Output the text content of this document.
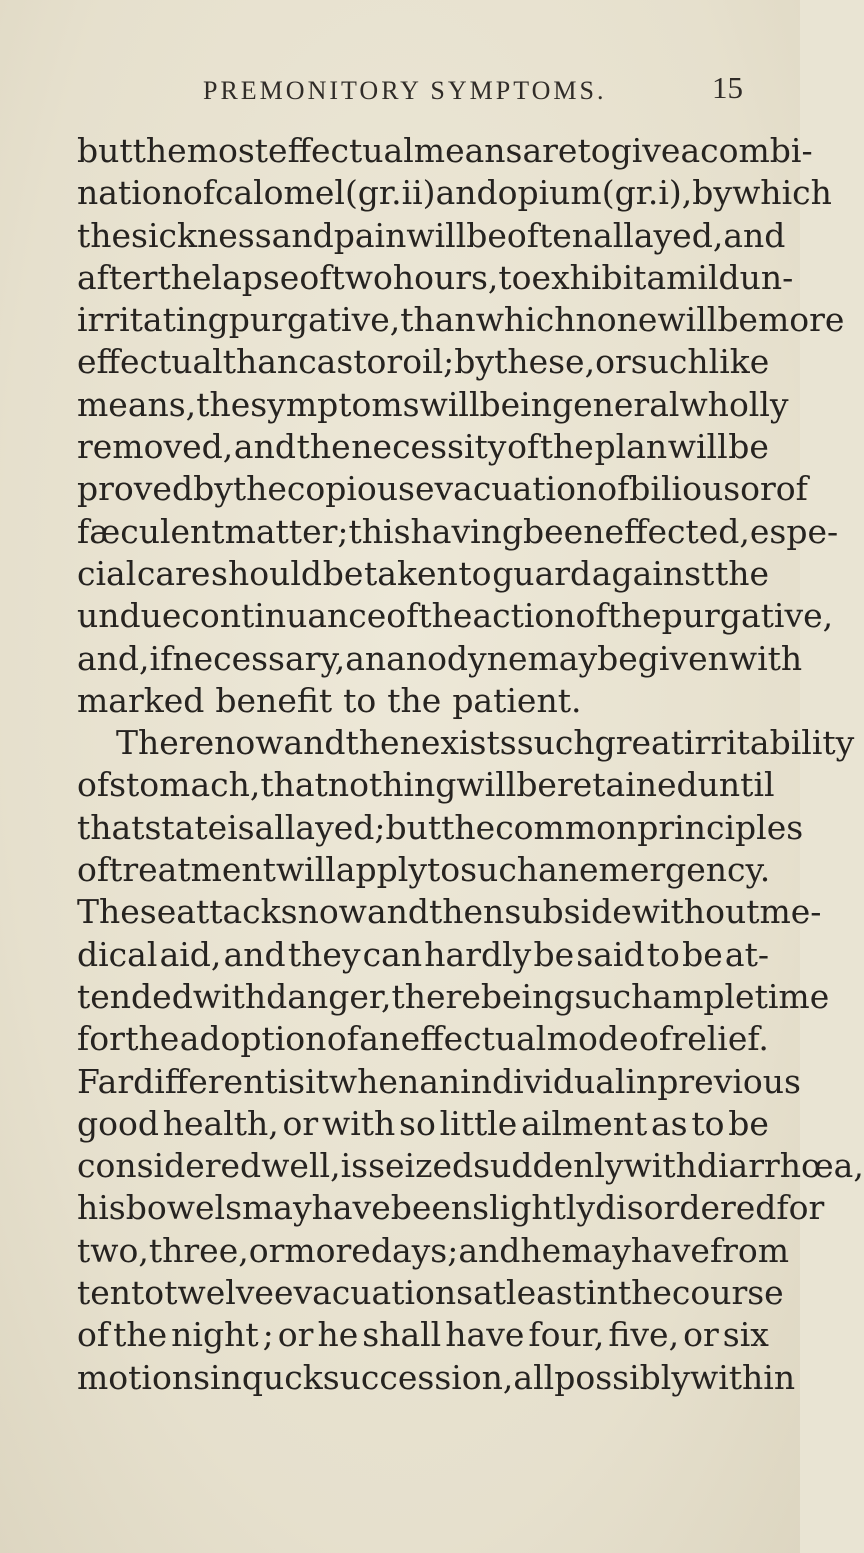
PREMONITORY SYMPTOMS.	15
but the most effectual means are to give a combi-
nation of calomel (gr. ii) and opium (gr. i), by which
the sickness and pain will be often allayed, and
after the lapse of two hours, to exhibit a mild un-
irritating purgative, than which none will be more
effectual than castor oil ; by these, or such like
means, the symptoms will be in general wholly
removed, and the necessity of the plan will be
proved by the copious evacuation of bilious or of
fæculent matter ; this having been effected, espe-
cial care should be taken to guard against the
undue continuance of the action of the purgative,
and, if necessary, an anodyne may be given with
marked benefit to the patient.
There now and then exists such great irritability
of stomach, that nothing will be retained until
that state is allayed ; but the common principles
of treatment will apply to such an emergency.
These attacks now and then subside without me-
dical aid, and they can hardly be said to be at-
tended with danger, there being such ample time
for the adoption of an effectual mode of relief.
Far different is it when an individual in previous
good health, or with so little ailment as to be
considered well, is seized suddenly with diarrhœa,
his bowels may have been slightly disordered for
two, three, or more days ; and he may have from
ten to twelve evacuations at least in the course
of the night ; or he shall have four, five, or six
motions in quck succession, all possibly within
